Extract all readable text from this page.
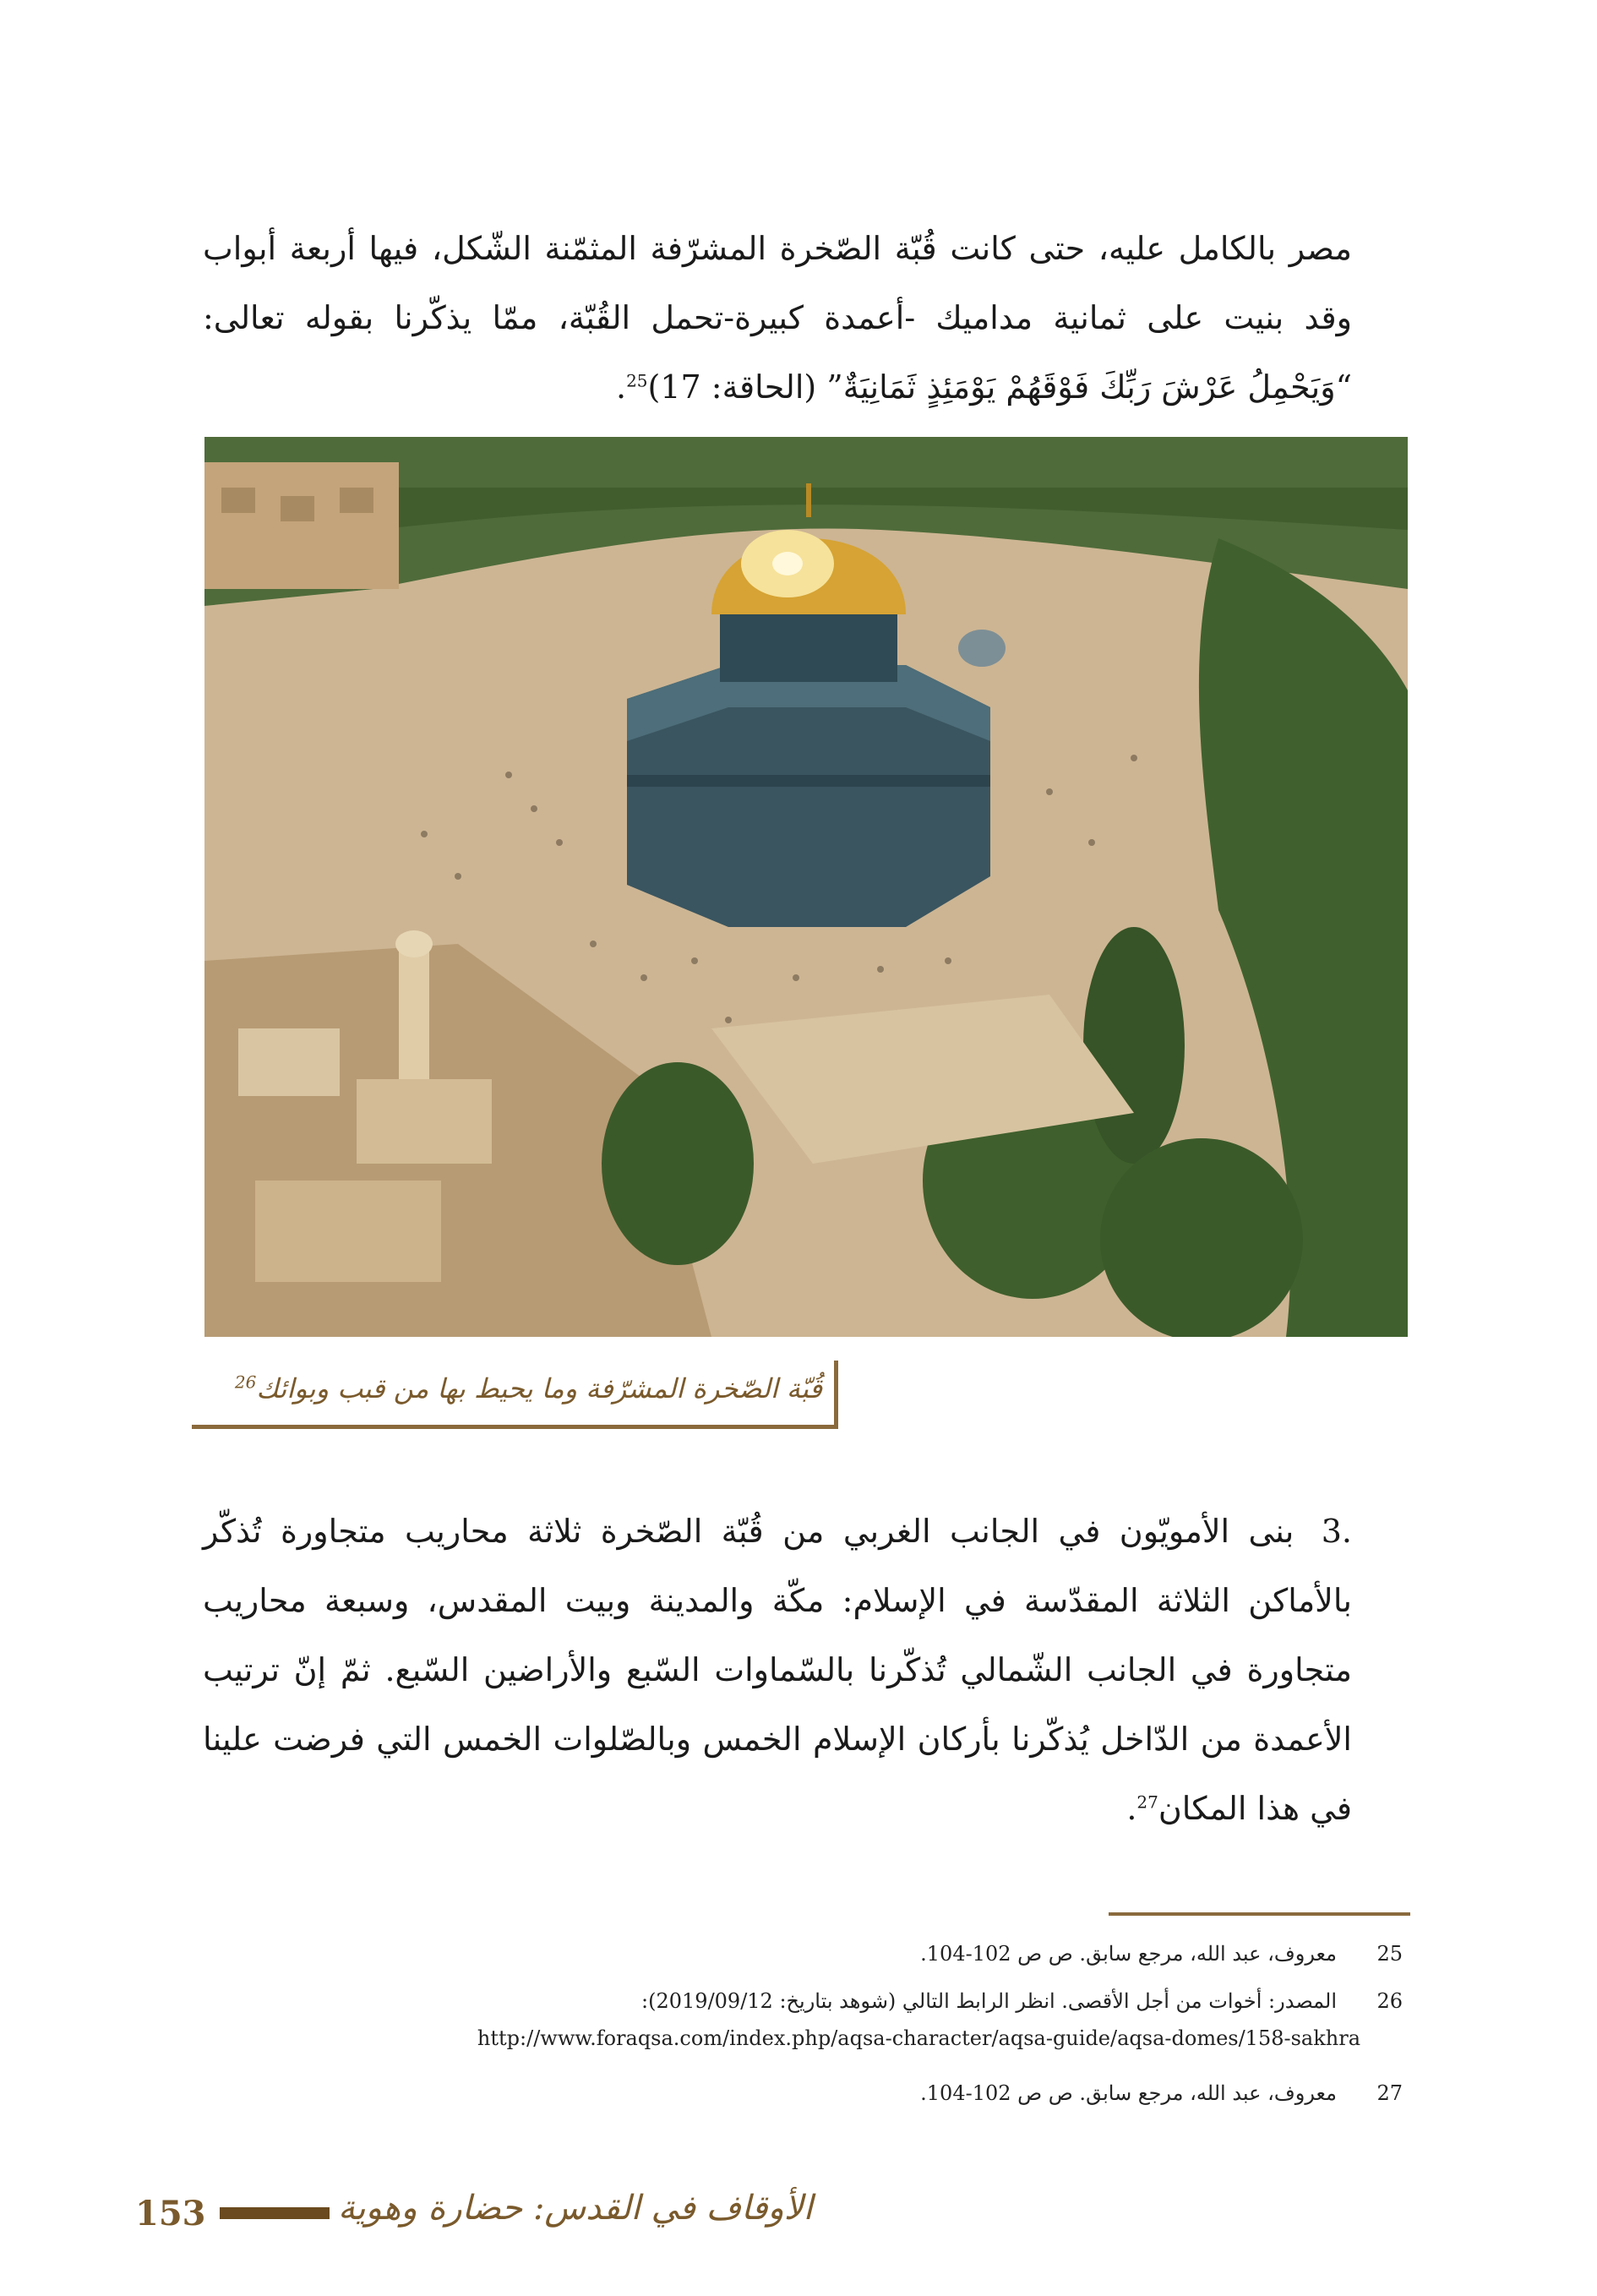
مصر بالكامل عليه، حتى كانت قُبّة الصّخرة المشرّفة المثمّنة الشّكل، فيها أربعة أبواب وقد بنيت على ثمانية مداميك -أعمدة كبيرة-تحمل القُبّة، ممّا يذكّرنا بقوله تعالى: “وَيَحْمِلُ عَرْشَ رَبِّكَ فَوْقَهُمْ يَوْمَئِذٍ ثَمَانِيَةٌ” (الحاقة: 17)$^{25}$.

قُبّة الصّخرة المشرّفة وما يحيط بها من قبب وبوائك$^{26}$

.3 بنى الأمويّون في الجانب الغربي من قُبّة الصّخرة ثلاثة محاريب متجاورة تُذكّر بالأماكن الثلاثة المقدّسة في الإسلام: مكّة والمدينة وبيت المقدس، وسبعة محاريب متجاورة في الجانب الشّمالي تُذكّرنا بالسّماوات السّبع والأراضين السّبع. ثمّ إنّ ترتيب الأعمدة من الدّاخل يُذكّرنا بأركان الإسلام الخمس وبالصّلوات الخمس التي فرضت علينا في هذا المكان$^{27}$.

25معروف، عبد الله، مرجع سابق. ص ص 102-104.
26المصدر: أخوات من أجل الأقصى. انظر الرابط التالي (شوهد بتاريخ: 2019/09/12):
http://www.foraqsa.com/index.php/aqsa-character/aqsa-guide/aqsa-domes/158-sakhra
27معروف، عبد الله، مرجع سابق. ص ص 102-104.
153	الأوقاف في القدس: حضارة وهوية
